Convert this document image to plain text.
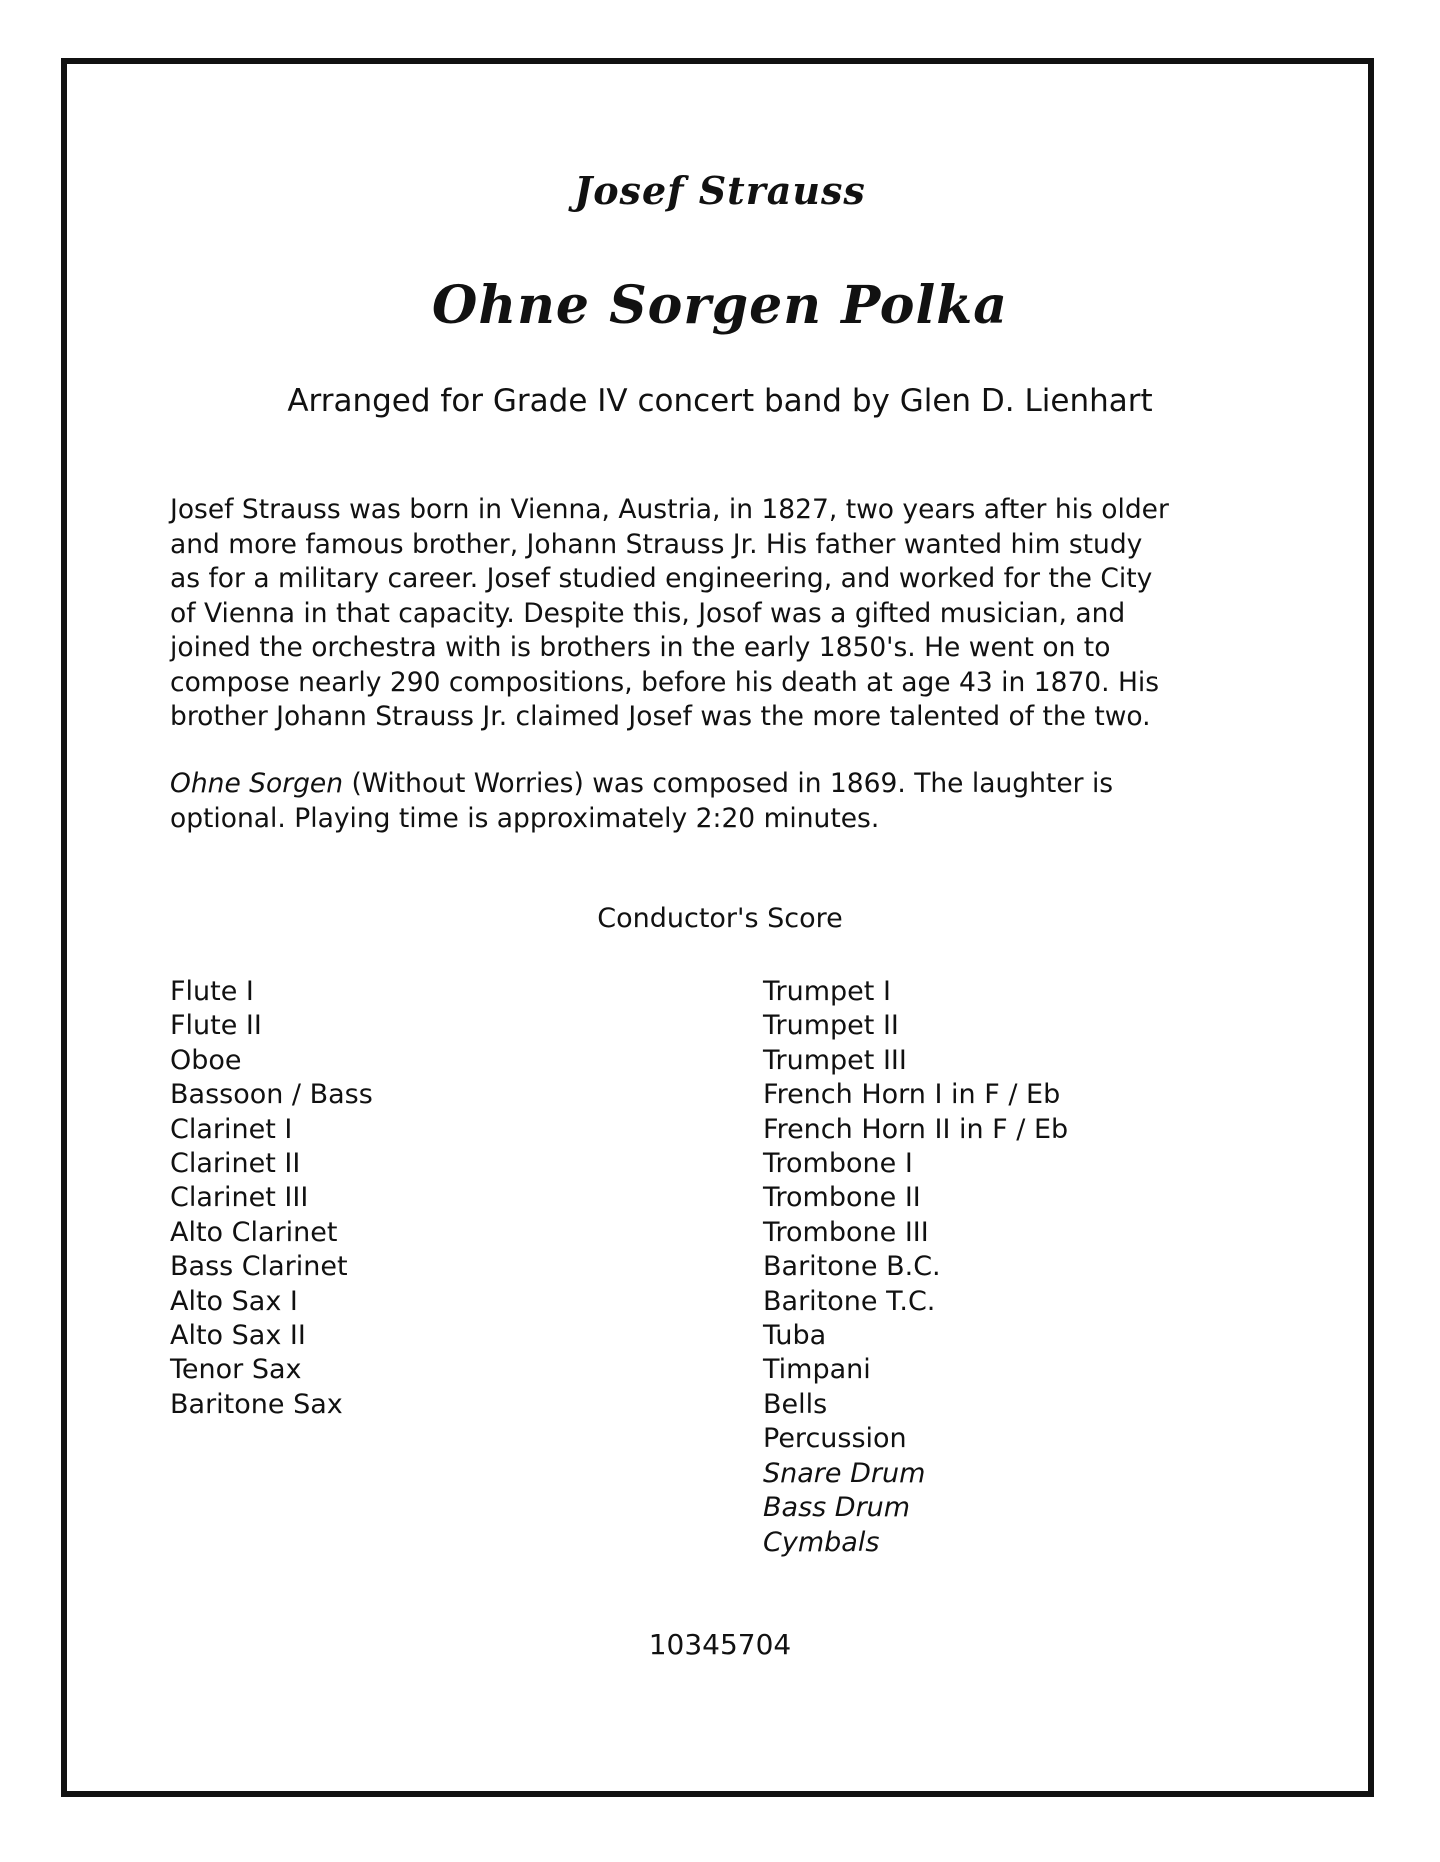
Josef Strauss
Ohne Sorgen Polka
Arranged for Grade IV concert band by Glen D. Lienhart
Josef Strauss was born in Vienna, Austria, in 1827, two years after his older
and more famous brother, Johann Strauss Jr. His father wanted him study
as for a military career. Josef studied engineering, and worked for the City
of Vienna in that capacity. Despite this, Josof was a gifted musician, and
joined the orchestra with is brothers in the early 1850's. He went on to
compose nearly 290 compositions, before his death at age 43 in 1870. His
brother Johann Strauss Jr. claimed Josef was the more talented of the two.
Ohne Sorgen (Without Worries) was composed in 1869. The laughter is
optional. Playing time is approximately 2:20 minutes.
Conductor's Score
Flute I
Flute II
Oboe
Bassoon / Bass
Clarinet I
Clarinet II
Clarinet III
Alto Clarinet
Bass Clarinet
Alto Sax I
Alto Sax II
Tenor Sax
Baritone Sax
Trumpet I
Trumpet II
Trumpet III
French Horn I in F / Eb
French Horn II in F / Eb
Trombone I
Trombone II
Trombone III
Baritone B.C.
Baritone T.C.
Tuba
Timpani
Bells
Percussion
Snare Drum
Bass Drum
Cymbals
10345704
